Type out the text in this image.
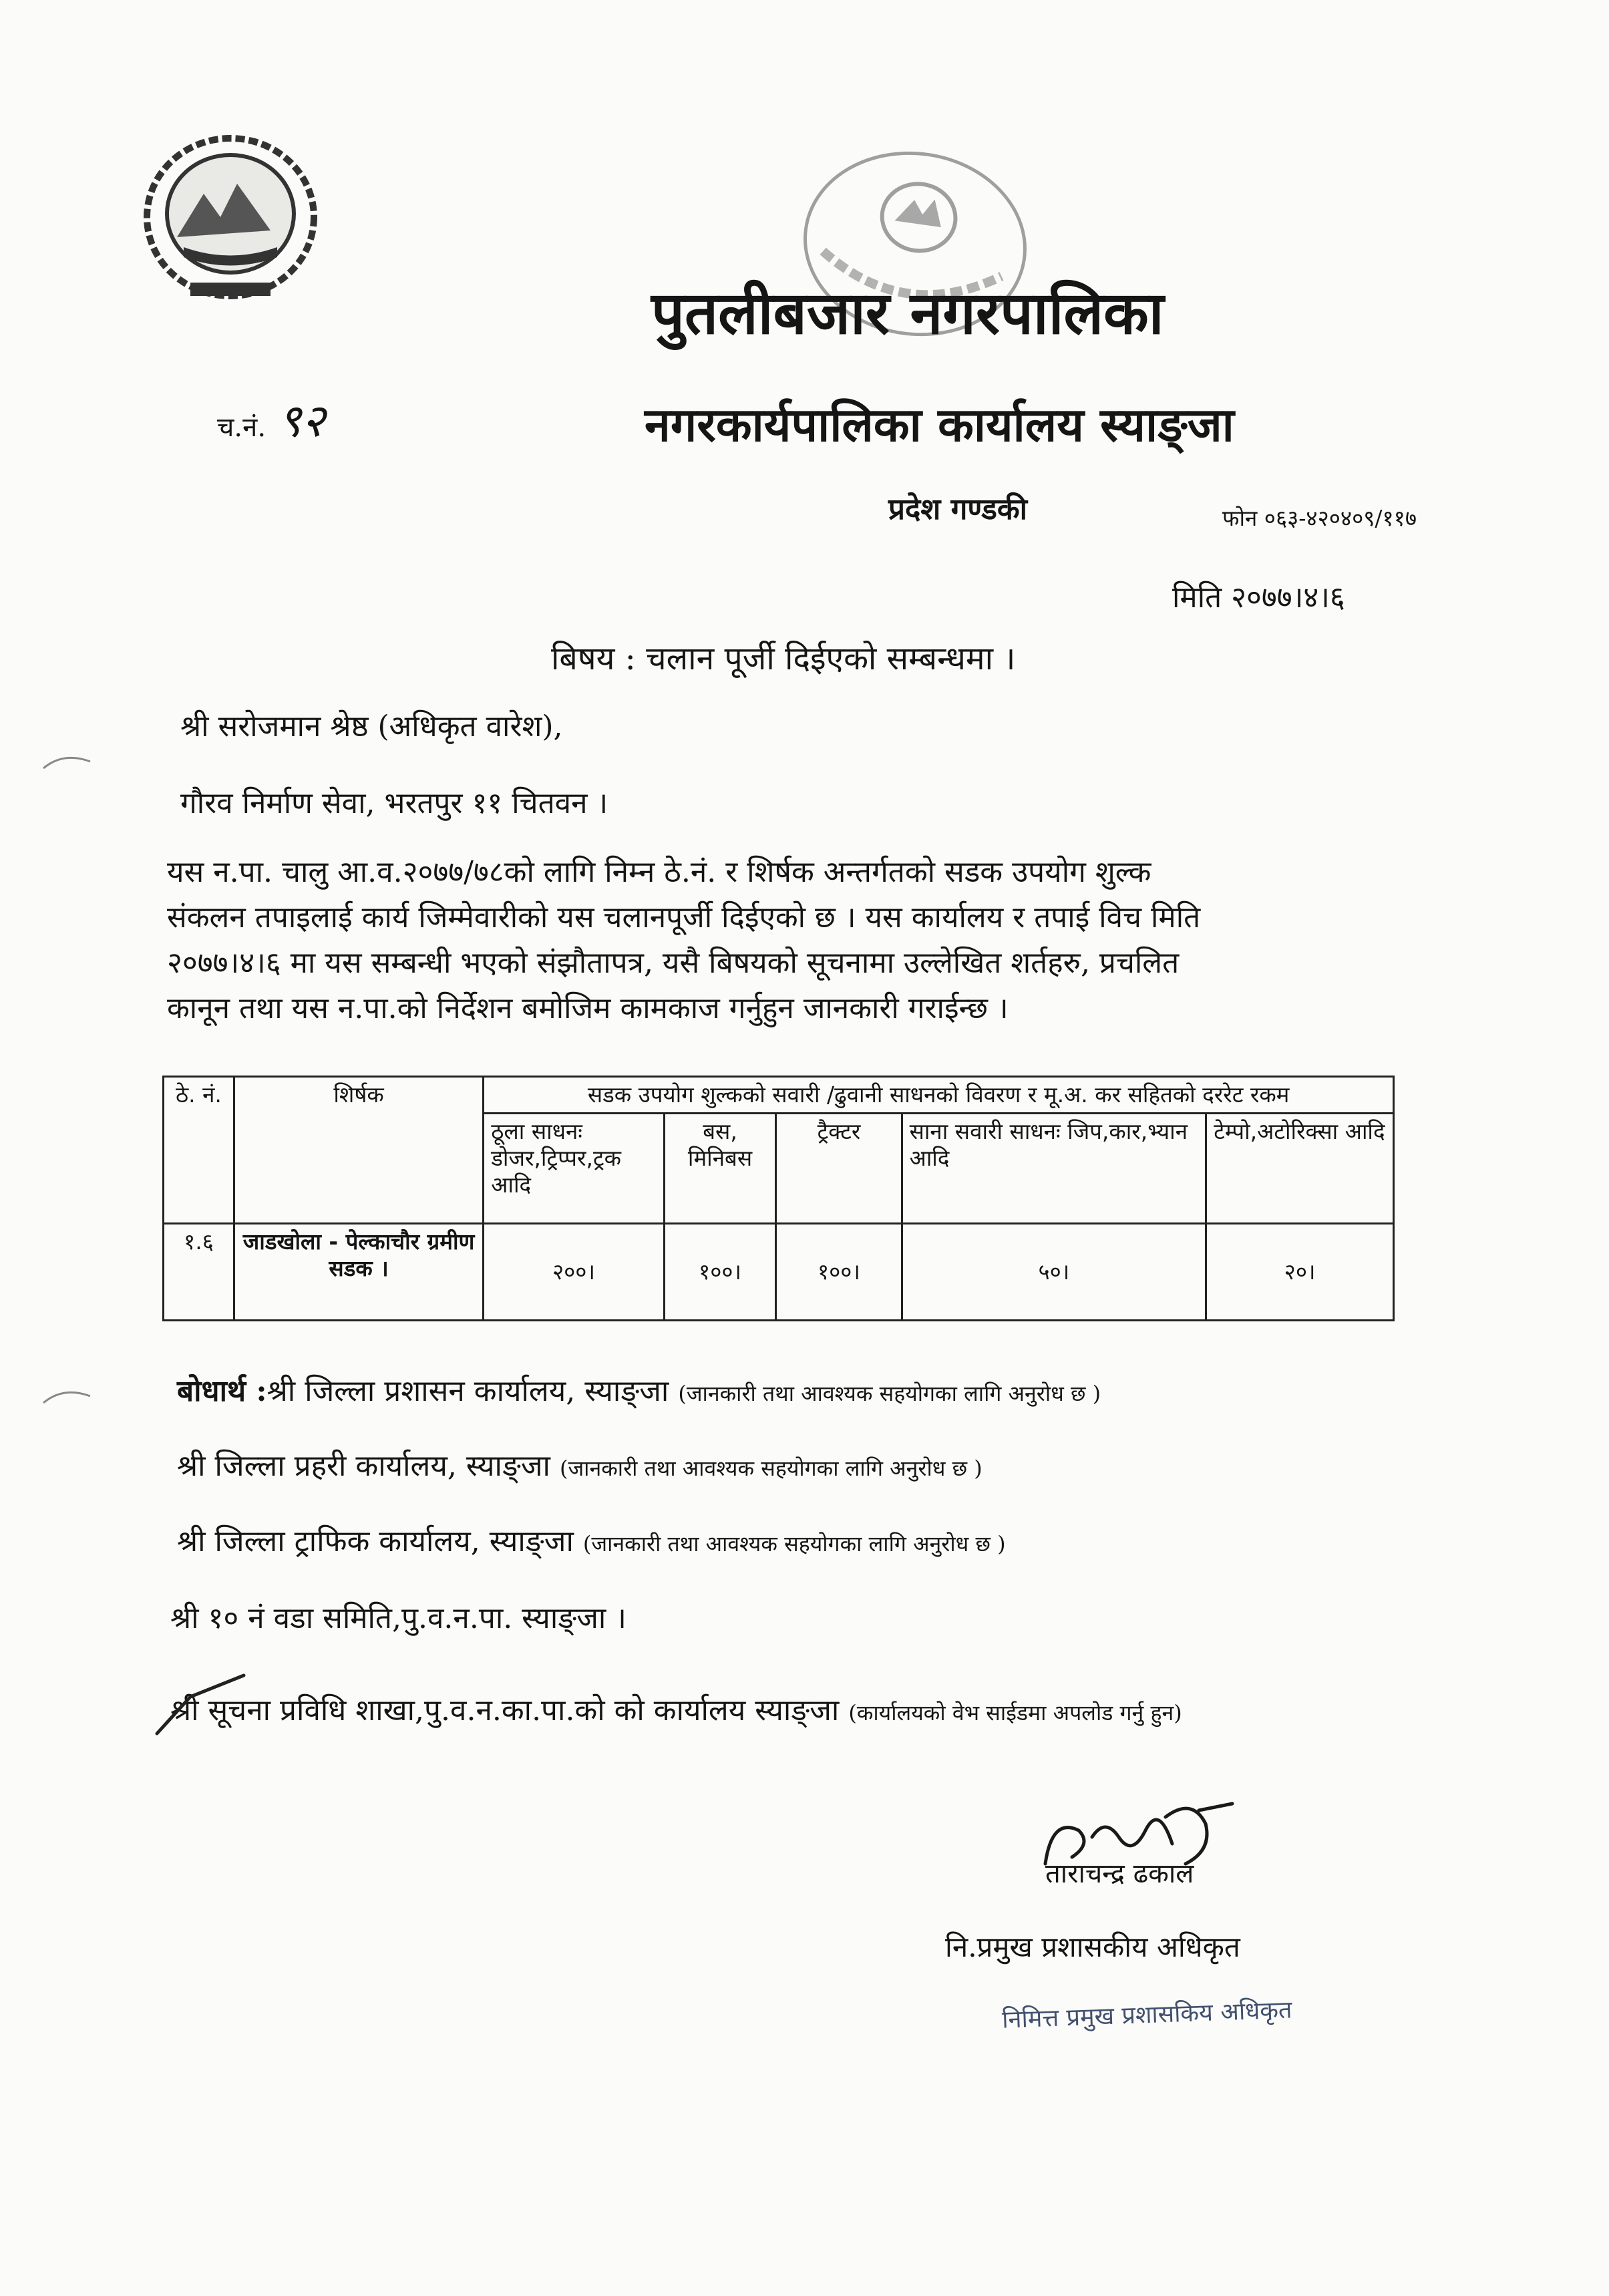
पुतलीबजार नगरपालिका
नगरकार्यपालिका कार्यालय स्याङ्जा
च.नं. ९२
प्रदेश गण्डकी	फोन ०६३-४२०४०९/११७
मिति २०७७।४।६
बिषय : चलान पूर्जी दिईएको सम्बन्धमा ।
श्री सरोजमान श्रेष्ठ (अधिकृत वारेश),
गौरव निर्माण सेवा, भरतपुर ११ चितवन ।
यस न.पा. चालु आ.व.२०७७/७८को लागि निम्न ठे.नं. र शिर्षक अन्तर्गतको सडक उपयोग शुल्क
संकलन तपाइलाई कार्य जिम्मेवारीको यस चलानपूर्जी दिईएको छ । यस कार्यालय र तपाई विच मिति
२०७७।४।६ मा यस सम्बन्धी भएको संझौतापत्र, यसै बिषयको सूचनामा उल्लेखित शर्तहरु, प्रचलित
कानून तथा यस न.पा.को निर्देशन बमोजिम कामकाज गर्नुहुन जानकारी गराईन्छ ।
ठे. नं.	शिर्षक	सडक उपयोग शुल्कको सवारी /ढुवानी साधनको विवरण र मू.अ. कर सहितको दररेट रकम				
		ठूला साधनः डोजर,ट्रिप्पर,ट्रक आदि	बस, मिनिबस	ट्रैक्टर	साना सवारी साधनः जिप,कार,भ्यान आदि	टेम्पो,अटोरिक्सा आदि
१.६	जाडखोला - पेल्काचौर ग्रमीण सडक ।	२००।	१००।	१००।	५०।	२०।
बोधार्थ :श्री जिल्ला प्रशासन कार्यालय, स्याङ्जा (जानकारी तथा आवश्यक सहयोगका लागि अनुरोध छ )
श्री जिल्ला प्रहरी कार्यालय, स्याङ्जा (जानकारी तथा आवश्यक सहयोगका लागि अनुरोध छ )
श्री जिल्ला ट्राफिक कार्यालय, स्याङ्जा (जानकारी तथा आवश्यक सहयोगका लागि अनुरोध छ )
श्री १० नं वडा समिति,पु.व.न.पा. स्याङ्जा ।
श्री सूचना प्रविधि शाखा,पु.व.न.का.पा.को को कार्यालय स्याङ्जा (कार्यालयको वेभ साईडमा अपलोड गर्नु हुन)
ताराचन्द्र ढकाल
नि.प्रमुख प्रशासकीय अधिकृत
निमित्त प्रमुख प्रशासकिय अधिकृत
